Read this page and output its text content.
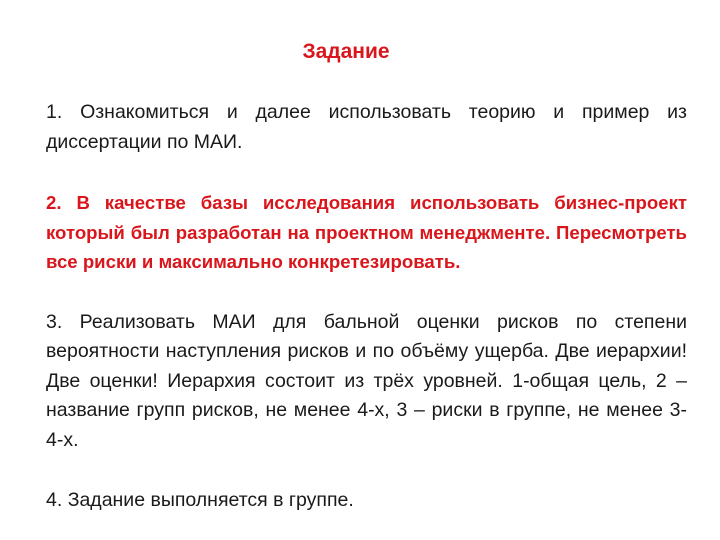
Задание

1. Ознакомиться и далее использовать теорию и пример из диссертации по МАИ.

2. В качестве базы исследования использовать бизнес-проект который был разработан на проектном менеджменте. Пересмотреть все риски и максимально конкретезировать.

3. Реализовать МАИ для бальной оценки рисков по степени вероятности наступления рисков и по объёму ущерба. Две иерархии! Две оценки! Иерархия состоит из трёх уровней. 1-общая цель, 2 – название групп рисков, не менее 4-х, 3 – риски в группе, не менее 3-4-х.

4. Задание выполняется в группе.
